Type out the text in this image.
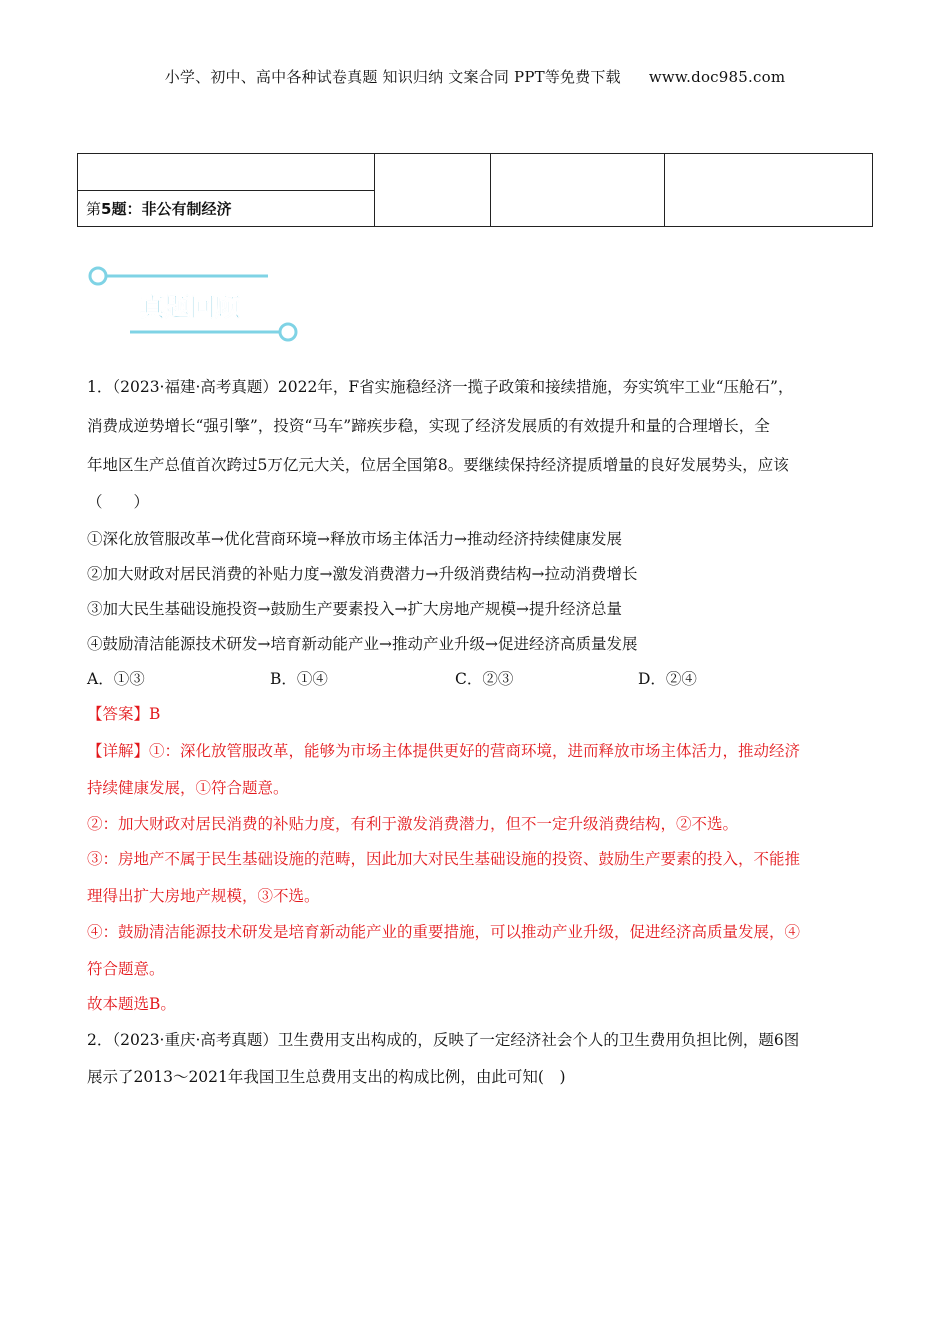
小学、初中、高中各种试卷真题 知识归纳 文案合同 PPT等免费下载 www.doc985.com

第5题：非公有制经济
真题回顾
1．（2023·福建·高考真题）2022年，F省实施稳经济一揽子政策和接续措施，夯实筑牢工业“压舱石”，
消费成逆势增长“强引擎”，投资“马车”蹄疾步稳，实现了经济发展质的有效提升和量的合理增长，全
年地区生产总值首次跨过5万亿元大关，位居全国第8。要继续保持经济提质增量的良好发展势头，应该
（　　）
①深化放管服改革→优化营商环境→释放市场主体活力→推动经济持续健康发展
②加大财政对居民消费的补贴力度→激发消费潜力→升级消费结构→拉动消费增长
③加大民生基础设施投资→鼓励生产要素投入→扩大房地产规模→提升经济总量
④鼓励清洁能源技术研发→培育新动能产业→推动产业升级→促进经济高质量发展
A．①③	B．①④	C．②③	D．②④
【答案】B
【详解】①：深化放管服改革，能够为市场主体提供更好的营商环境，进而释放市场主体活力，推动经济
持续健康发展，①符合题意。
②：加大财政对居民消费的补贴力度，有利于激发消费潜力，但不一定升级消费结构，②不选。
③：房地产不属于民生基础设施的范畴，因此加大对民生基础设施的投资、鼓励生产要素的投入，不能推
理得出扩大房地产规模，③不选。
④：鼓励清洁能源技术研发是培育新动能产业的重要措施，可以推动产业升级，促进经济高质量发展，④
符合题意。
故本题选B。
2．（2023·重庆·高考真题）卫生费用支出构成的，反映了一定经济社会个人的卫生费用负担比例，题6图
展示了2013～2021年我国卫生总费用支出的构成比例，由此可知(　)
